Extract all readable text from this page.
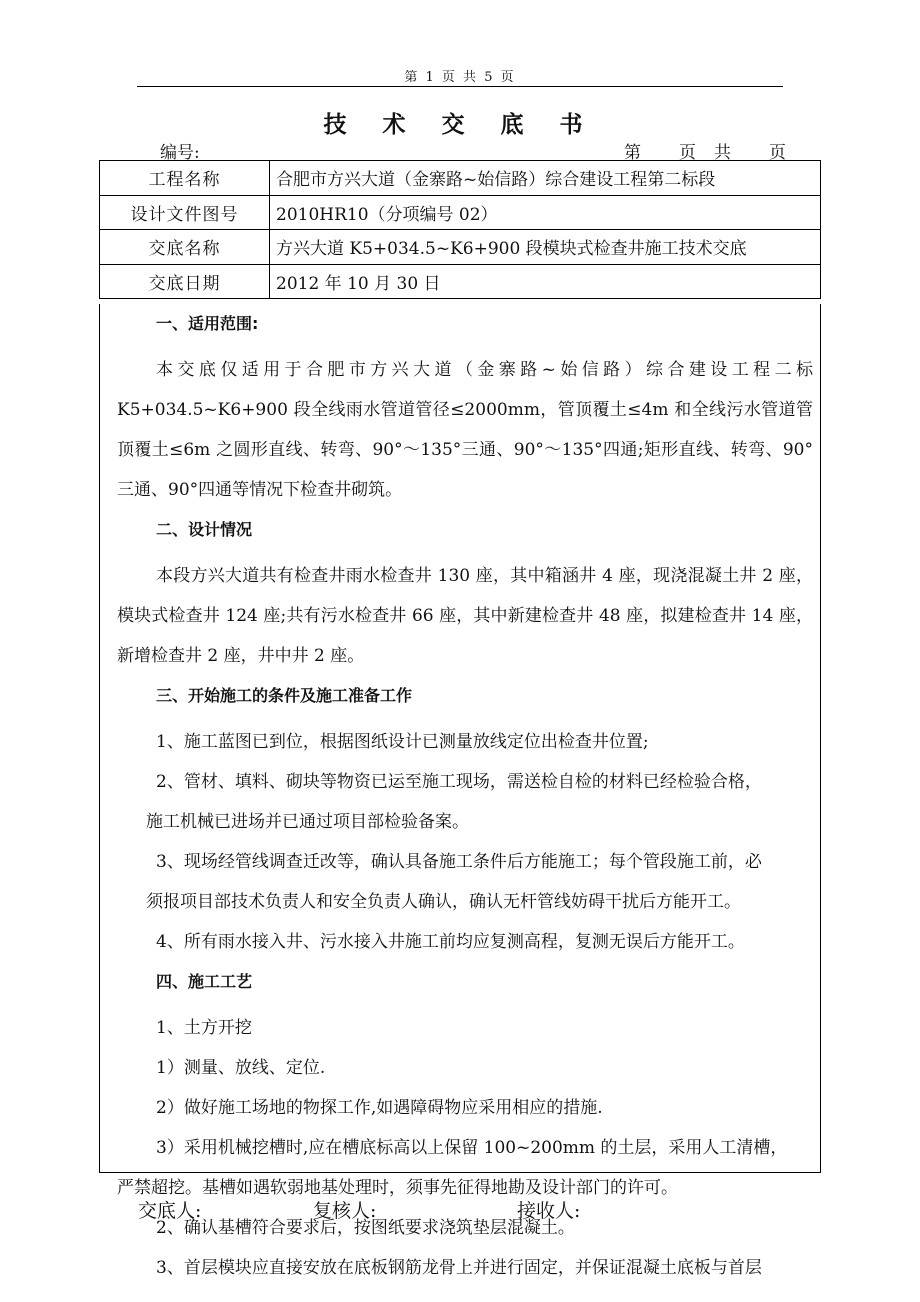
第 1 页 共 5 页
技 术 交 底 书
编号:	第 页 共 页
工程名称	合肥市方兴大道（金寨路~始信路）综合建设工程第二标段
设计文件图号	2010HR10（分项编号 02）
交底名称	方兴大道 K5+034.5~K6+900 段模块式检查井施工技术交底
交底日期	2012 年 10 月 30 日
一、适用范围:
本交底仅适用于合肥市方兴大道（金寨路~始信路）综合建设工程二标K5+034.5~K6+900 段全线雨水管道管径≤2000mm，管顶覆土≤4m 和全线污水管道管顶覆土≤6m 之圆形直线、转弯、90°～135°三通、90°～135°四通;矩形直线、转弯、90°三通、90°四通等情况下检查井砌筑。
二、设计情况
本段方兴大道共有检查井雨水检查井 130 座，其中箱涵井 4 座，现浇混凝土井 2 座，模块式检查井 124 座;共有污水检查井 66 座，其中新建检查井 48 座，拟建检查井 14 座，新增检查井 2 座，井中井 2 座。
三、开始施工的条件及施工准备工作
1、施工蓝图已到位，根据图纸设计已测量放线定位出检查井位置;
2、管材、填料、砌块等物资已运至施工现场，需送检自检的材料已经检验合格，
施工机械已进场并已通过项目部检验备案。
3、现场经管线调查迁改等，确认具备施工条件后方能施工；每个管段施工前，必
须报项目部技术负责人和安全负责人确认，确认无杆管线妨碍干扰后方能开工。
4、所有雨水接入井、污水接入井施工前均应复测高程，复测无误后方能开工。
四、施工工艺
1、土方开挖
1）测量、放线、定位.
2）做好施工场地的物探工作,如遇障碍物应采用相应的措施.
3）采用机械挖槽时,应在槽底标高以上保留 100~200mm 的土层，采用人工清槽，
严禁超挖。基槽如遇软弱地基处理时，须事先征得地勘及设计部门的许可。
2、确认基槽符合要求后，按图纸要求浇筑垫层混凝土。
3、首层模块应直接安放在底板钢筋龙骨上并进行固定，并保证混凝土底板与首层
交底人:	复核人:	接收人:
